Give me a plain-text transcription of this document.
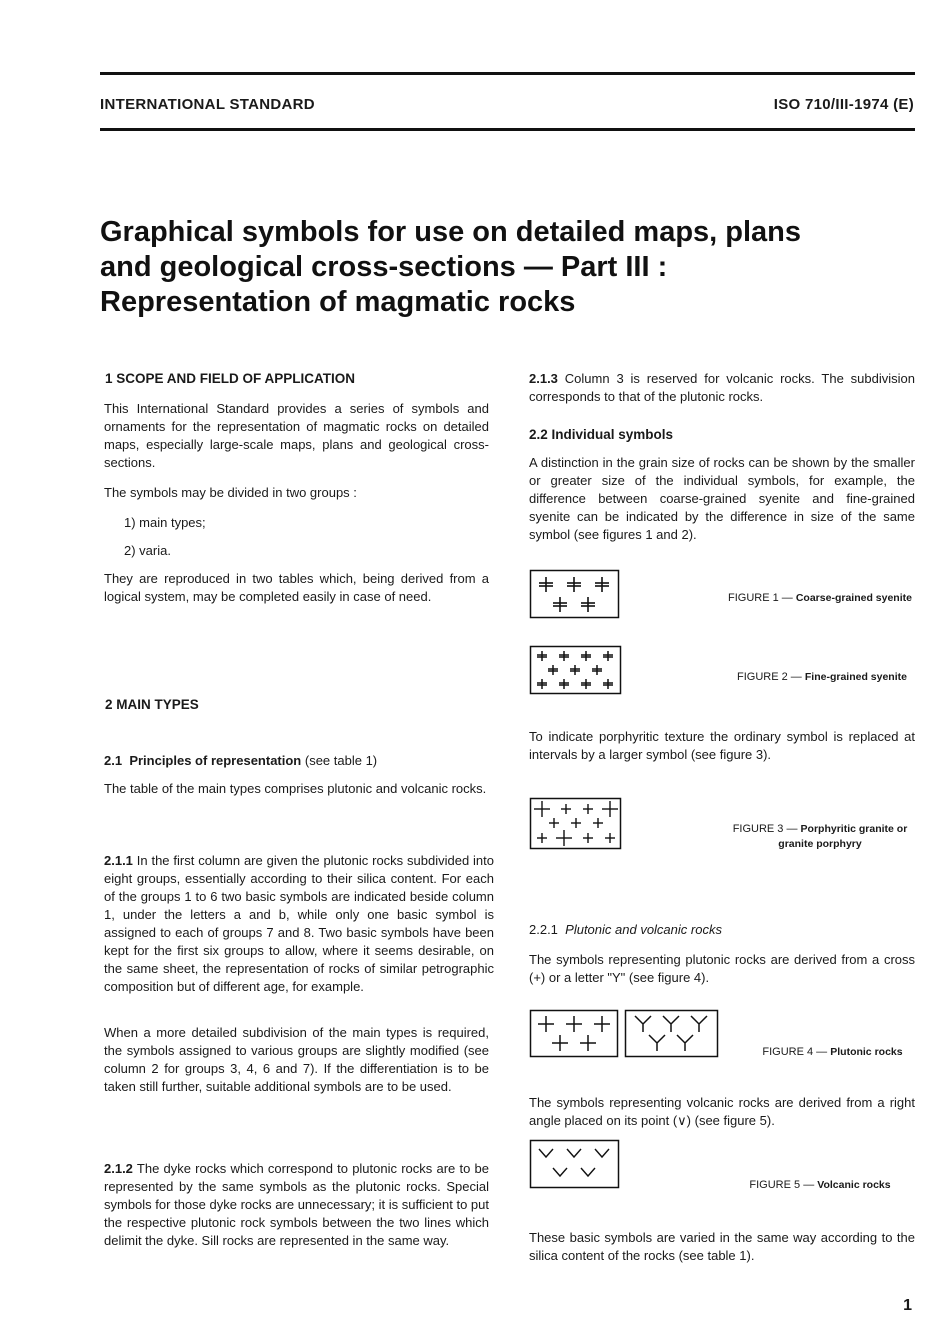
INTERNATIONAL STANDARD	ISO 710/III-1974 (E)
Graphical symbols for use on detailed maps, plans and geological cross-sections — Part III : Representation of magmatic rocks
1 SCOPE AND FIELD OF APPLICATION
This International Standard provides a series of symbols and ornaments for the representation of magmatic rocks on detailed maps, especially large-scale maps, plans and geological cross-sections.
The symbols may be divided in two groups :
1) main types;
2) varia.
They are reproduced in two tables which, being derived from a logical system, may be completed easily in case of need.
2 MAIN TYPES
2.1 Principles of representation (see table 1)
The table of the main types comprises plutonic and volcanic rocks.
2.1.1 In the first column are given the plutonic rocks subdivided into eight groups, essentially according to their silica content. For each of the groups 1 to 6 two basic symbols are indicated beside column 1, under the letters a and b, while only one basic symbol is assigned to each of groups 7 and 8. Two basic symbols have been kept for the first six groups to allow, where it seems desirable, on the same sheet, the representation of rocks of similar petrographic composition but of different age, for example.
When a more detailed subdivision of the main types is required, the symbols assigned to various groups are slightly modified (see column 2 for groups 3, 4, 6 and 7). If the differentiation is to be taken still further, suitable additional symbols are to be used.
2.1.2 The dyke rocks which correspond to plutonic rocks are to be represented by the same symbols as the plutonic rocks. Special symbols for those dyke rocks are unnecessary; it is sufficient to put the respective plutonic rock symbols between the two lines which delimit the dyke. Sill rocks are represented in the same way.
2.1.3 Column 3 is reserved for volcanic rocks. The subdivision corresponds to that of the plutonic rocks.
2.2 Individual symbols
A distinction in the grain size of rocks can be shown by the smaller or greater size of the individual symbols, for example, the difference between coarse-grained syenite and fine-grained syenite can be indicated by the difference in size of the same symbol (see figures 1 and 2).
FIGURE 1 — Coarse-grained syenite
FIGURE 2 — Fine-grained syenite
To indicate porphyritic texture the ordinary symbol is replaced at intervals by a larger symbol (see figure 3).
FIGURE 3 — Porphyritic granite or granite porphyry
2.2.1 Plutonic and volcanic rocks
The symbols representing plutonic rocks are derived from a cross (+) or a letter "Y" (see figure 4).
FIGURE 4 — Plutonic rocks
The symbols representing volcanic rocks are derived from a right angle placed on its point (∨) (see figure 5).
FIGURE 5 — Volcanic rocks
These basic symbols are varied in the same way according to the silica content of the rocks (see table 1).
1
